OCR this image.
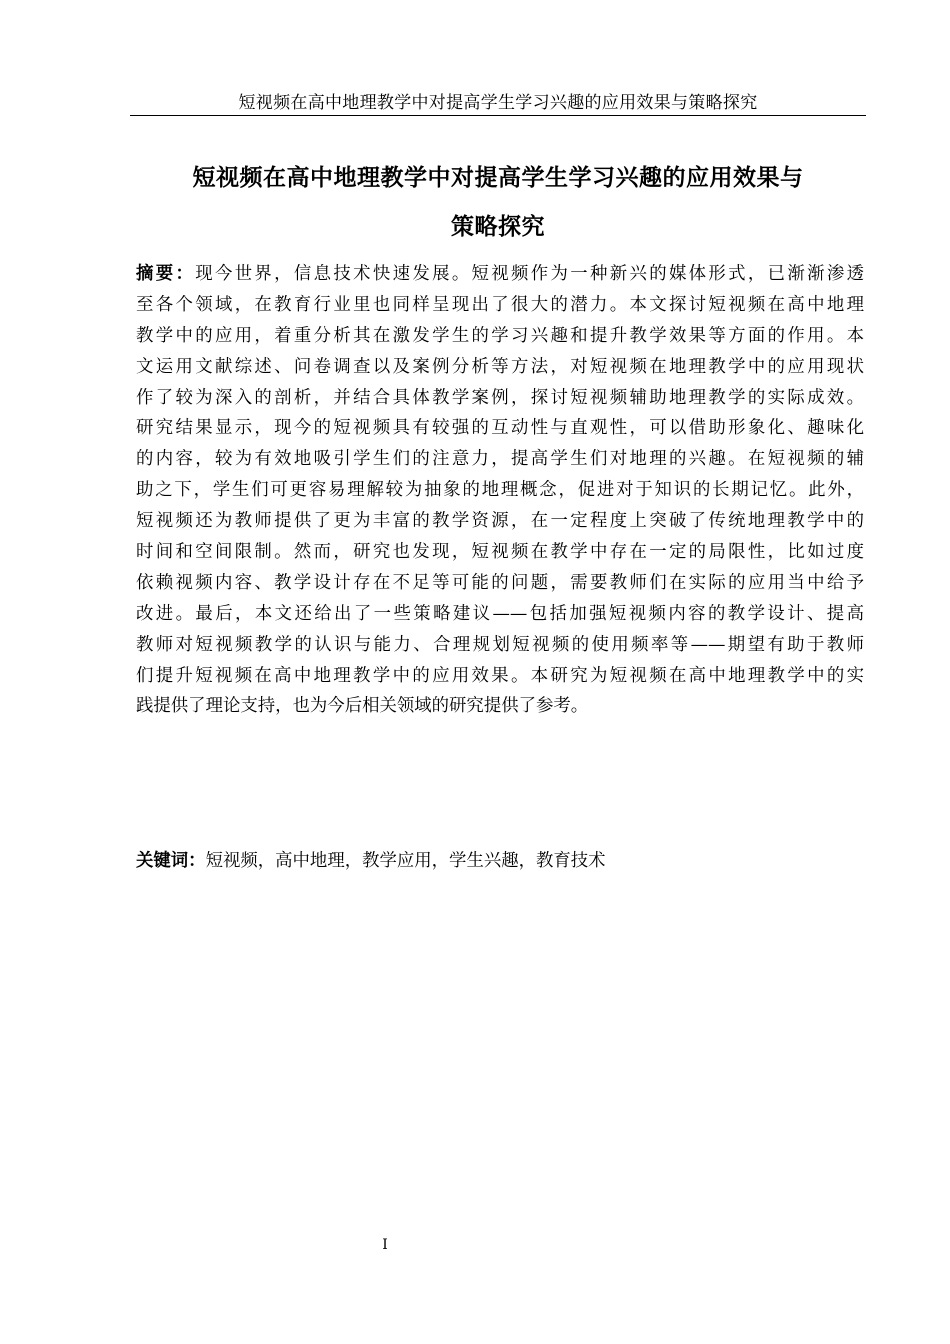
短视频在高中地理教学中对提高学生学习兴趣的应用效果与策略探究
短视频在高中地理教学中对提高学生学习兴趣的应用效果与
策略探究
摘要：现今世界，信息技术快速发展。短视频作为一种新兴的媒体形式，已渐渐渗透
至各个领域，在教育行业里也同样呈现出了很大的潜力。本文探讨短视频在高中地理
教学中的应用，着重分析其在激发学生的学习兴趣和提升教学效果等方面的作用。本
文运用文献综述、问卷调查以及案例分析等方法，对短视频在地理教学中的应用现状
作了较为深入的剖析，并结合具体教学案例，探讨短视频辅助地理教学的实际成效。
研究结果显示，现今的短视频具有较强的互动性与直观性，可以借助形象化、趣味化
的内容，较为有效地吸引学生们的注意力，提高学生们对地理的兴趣。在短视频的辅
助之下，学生们可更容易理解较为抽象的地理概念，促进对于知识的长期记忆。此外，
短视频还为教师提供了更为丰富的教学资源，在一定程度上突破了传统地理教学中的
时间和空间限制。然而，研究也发现，短视频在教学中存在一定的局限性，比如过度
依赖视频内容、教学设计存在不足等可能的问题，需要教师们在实际的应用当中给予
改进。最后，本文还给出了一些策略建议——包括加强短视频内容的教学设计、提高
教师对短视频教学的认识与能力、合理规划短视频的使用频率等——期望有助于教师
们提升短视频在高中地理教学中的应用效果。本研究为短视频在高中地理教学中的实
践提供了理论支持，也为今后相关领域的研究提供了参考。
关键词：短视频，高中地理，教学应用，学生兴趣，教育技术
I
